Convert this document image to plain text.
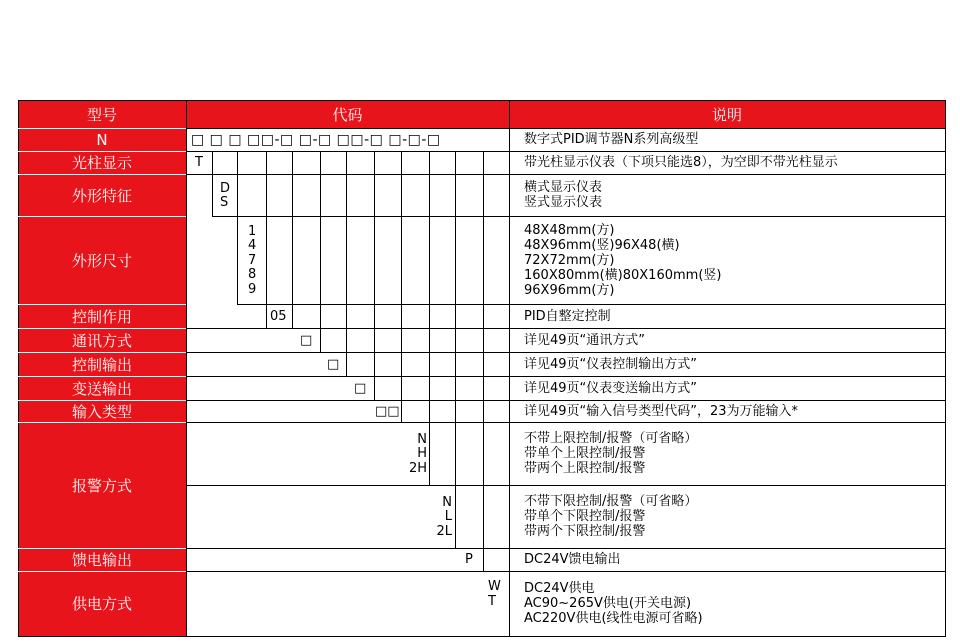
型号	代码	说明
N
光柱显示
外形特征
外形尺寸
控制作用
通讯方式
控制输出
变送输出
输入类型
报警方式
馈电输出
供电方式
数字式PID调节器N系列高级型
带光柱显示仪表（下项只能选8），为空即不带光柱显示
横式显示仪表
竖式显示仪表
48X48mm(方)
48X96mm(竖)96X48(横)
72X72mm(方)
160X80mm(横)80X160mm(竖)
96X96mm(方)
PID自整定控制
详见49页“通讯方式”
详见49页“仪表控制输出方式”
详见49页“仪表变送输出方式”
详见49页“输入信号类型代码”，23为万能输入*
不带上限控制/报警（可省略）
带单个上限控制/报警
带两个上限控制/报警
不带下限控制/报警（可省略）
带单个下限控制/报警
带两个下限控制/报警
DC24V馈电输出
DC24V供电
AC90~265V供电(开关电源)
AC220V供电(线性电源可省略)
□ □ □ □□-□ □-□ □□-□ □-□-□
T
D
S
1
4
7
8
9
05
□
□
□
□□
N
H
2H
N
L
2L
P
W
T
